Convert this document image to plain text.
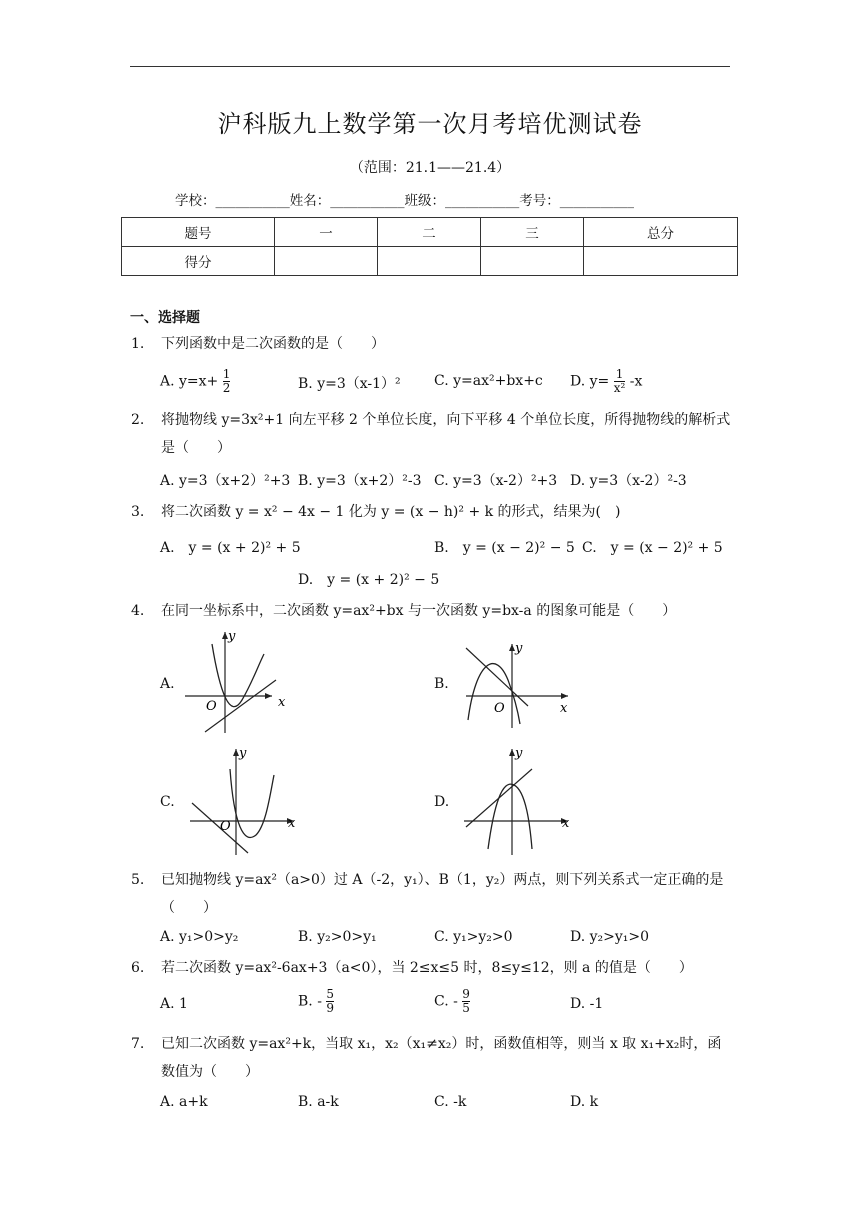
沪科版九上数学第一次月考培优测试卷
（范围：21.1——21.4）
学校：___________姓名：___________班级：___________考号：___________
题号	一	二	三	总分
得分				
一、选择题
1. 下列函数中是二次函数的是（　　）
A. $y=x+ \frac{1}{2}$	B. y=3（x-1）² C. y=ax²+bx+c D. $y= \frac{1}{\text{x²}} -x$
2. 将抛物线 y=3x²+1 向左平移 2 个单位长度，向下平移 4 个单位长度，所得抛物线的解析式是（　　）
A. y=3（x+2）²+3 B. y=3（x+2）²-3 C. y=3（x-2）²+3 D. y=3（x-2）²-3
3. 将二次函数 y = x² − 4x − 1 化为 y = (x − h)² + k 的形式，结果为(　)
A.　y = (x + 2)² + 5	B.　y = (x − 2)² − 5 C.　y = (x − 2)² + 5
D.　y = (x + 2)² − 5
4. 在同一坐标系中，二次函数 y=ax²+bx 与一次函数 y=bx-a 的图象可能是（　　）
A.
x
y
O
B.
x
y
O
C.
x
y
O
D.
x
y
5. 已知抛物线 y=ax²（a>0）过 A（-2，y₁）、B（1，y₂）两点，则下列关系式一定正确的是（　　）
A. y₁>0>y₂	B. y₂>0>y₁	C. y₁>y₂>0	D. y₂>y₁>0
6. 若二次函数 y=ax²-6ax+3（a<0），当 2≤x≤5 时，8≤y≤12，则 a 的值是（　　）
A. 1	B. - $\frac{5}{9}$	C. - $\frac{9}{5}$	D. -1
7. 已知二次函数 y=ax²+k，当取 x₁，x₂（x₁≠x₂）时，函数值相等，则当 x 取 x₁+x₂时，函数值为（　　）
A. a+k	B. a-k	C. -k	D. k
